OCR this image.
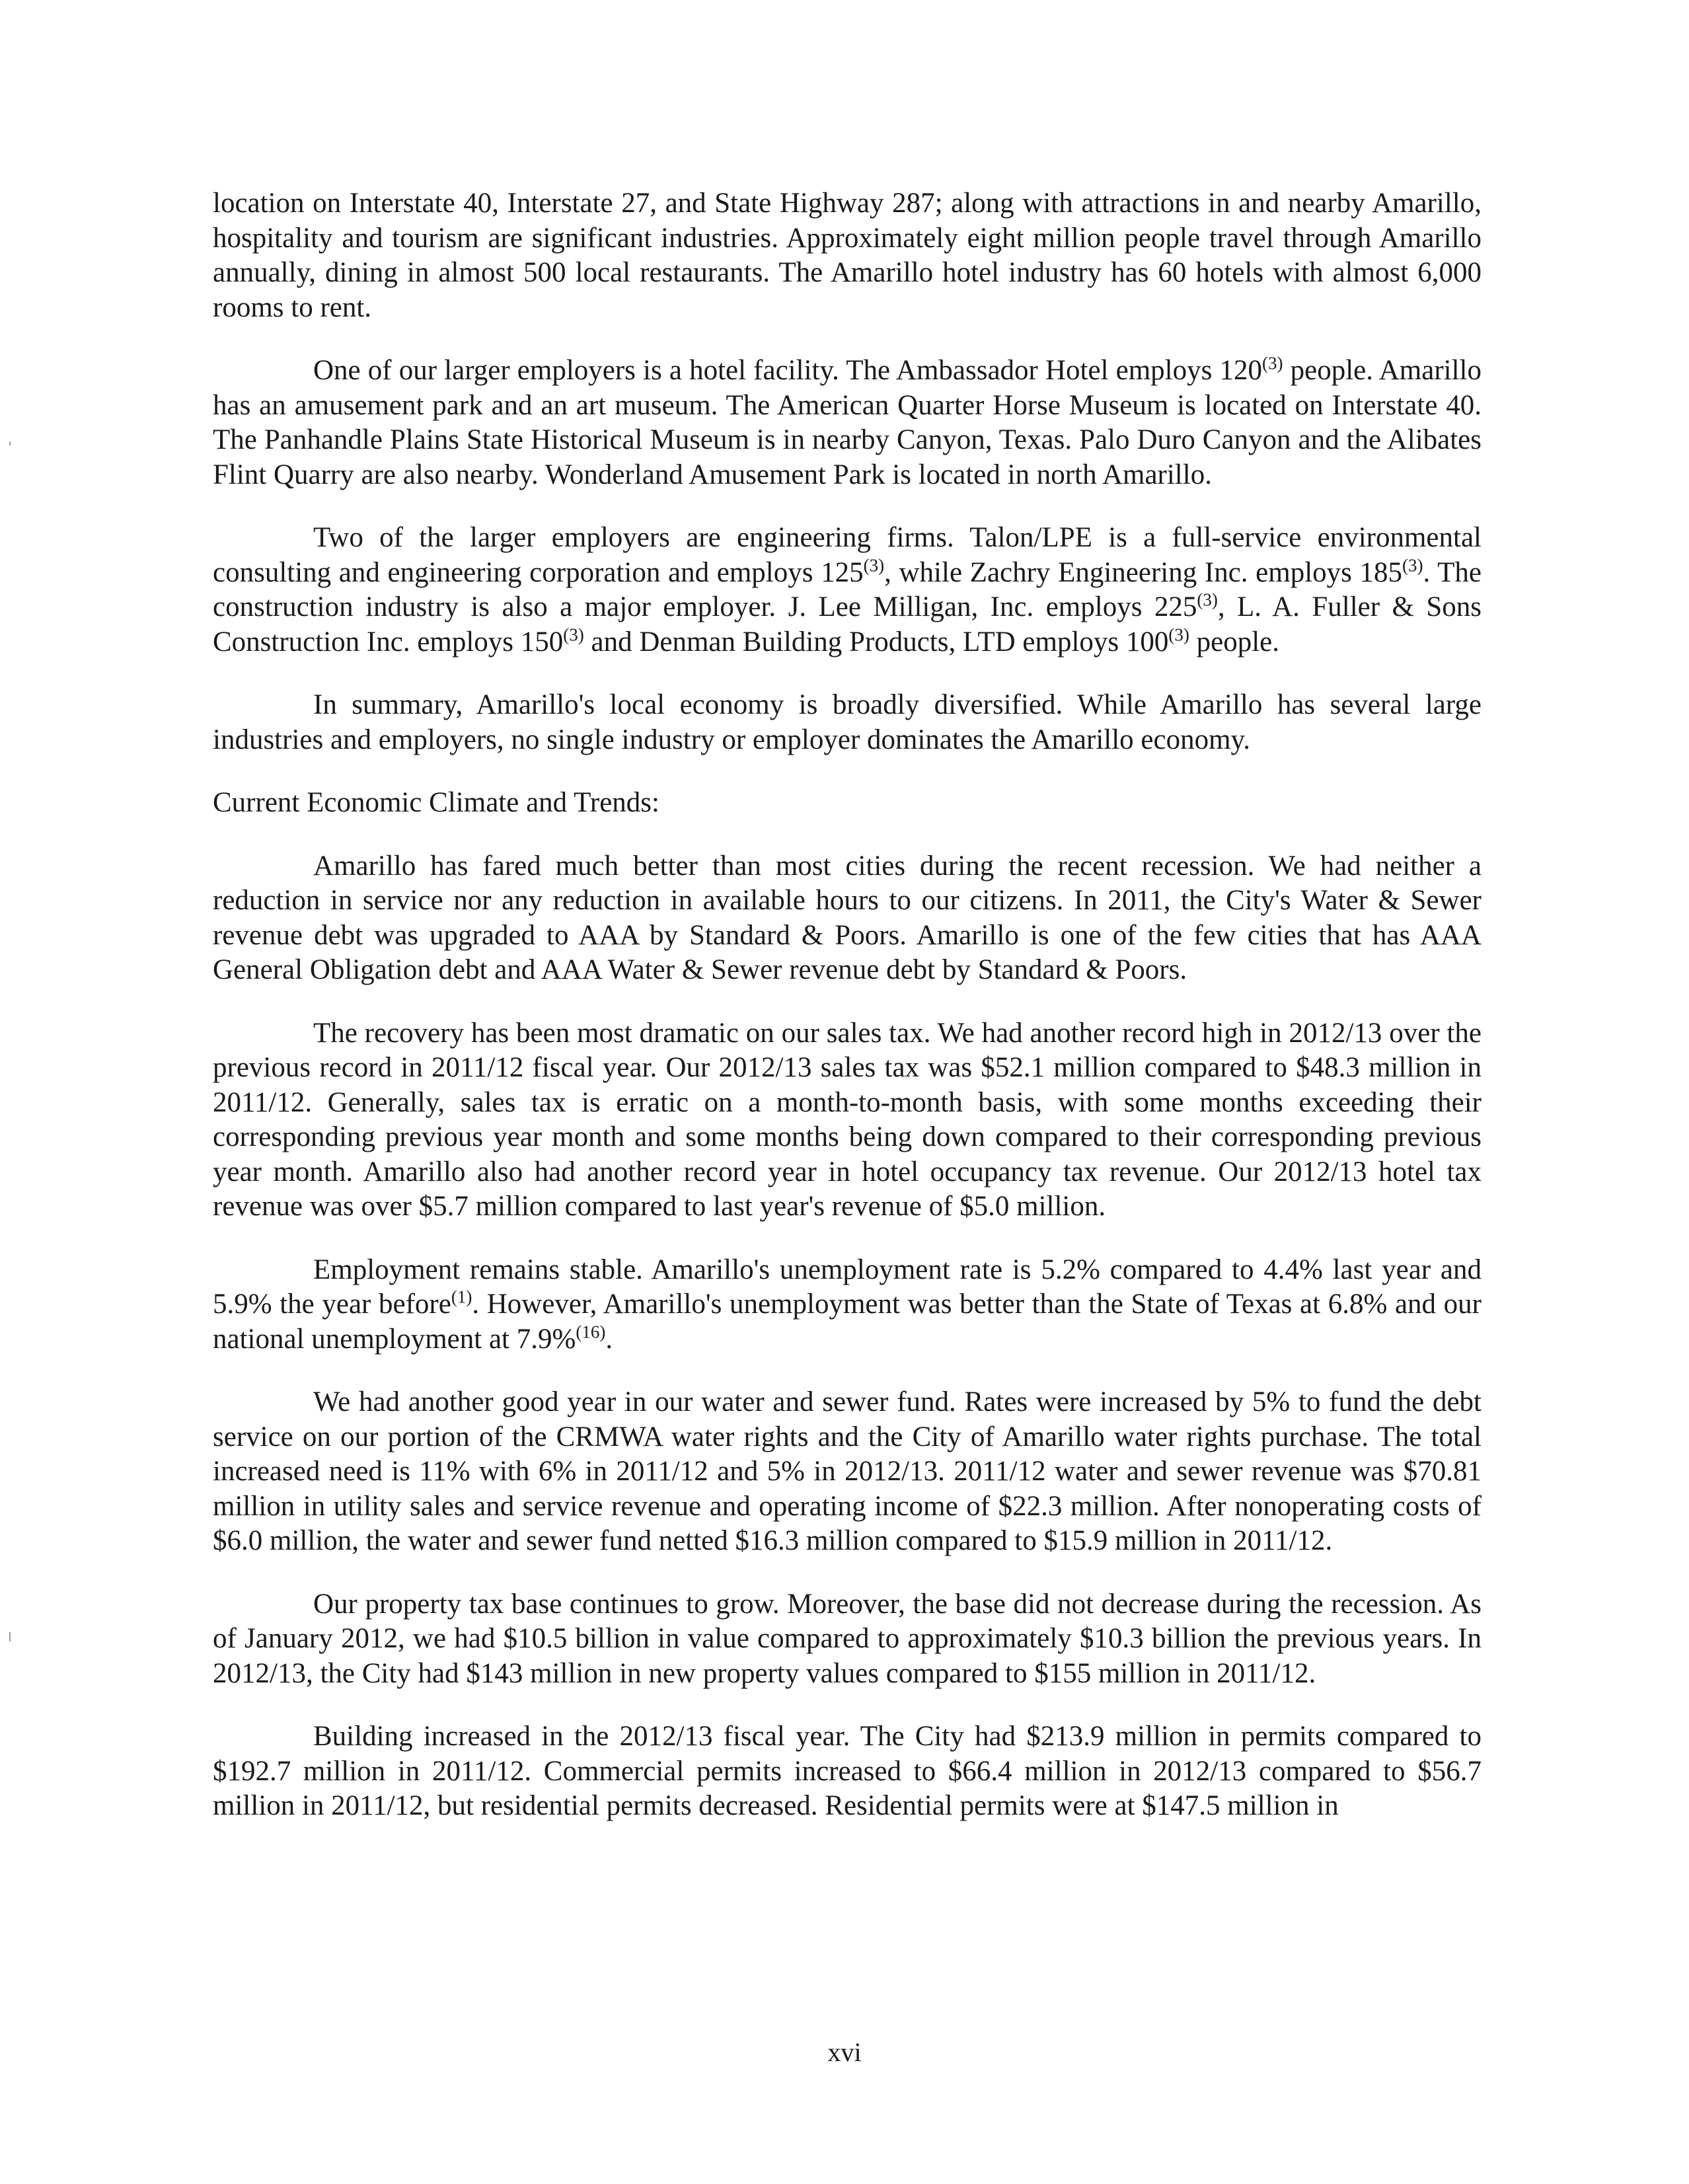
location on Interstate 40, Interstate 27, and State Highway 287; along with attractions in and nearby Amarillo, hospitality and tourism are significant industries. Approximately eight million people travel through Amarillo annually, dining in almost 500 local restaurants. The Amarillo hotel industry has 60 hotels with almost 6,000 rooms to rent.

One of our larger employers is a hotel facility. The Ambassador Hotel employs 120$^{(3)}$ people. Amarillo has an amusement park and an art museum. The American Quarter Horse Museum is located on Interstate 40. The Panhandle Plains State Historical Museum is in nearby Canyon, Texas. Palo Duro Canyon and the Alibates Flint Quarry are also nearby. Wonderland Amusement Park is located in north Amarillo.

Two of the larger employers are engineering firms. Talon/LPE is a full-service environmental consulting and engineering corporation and employs 125$^{(3)}$, while Zachry Engineering Inc. employs 185$^{(3)}$. The construction industry is also a major employer. J. Lee Milligan, Inc. employs 225$^{(3)}$, L. A. Fuller & Sons Construction Inc. employs 150$^{(3)}$ and Denman Building Products, LTD employs 100$^{(3)}$ people.

In summary, Amarillo's local economy is broadly diversified. While Amarillo has several large industries and employers, no single industry or employer dominates the Amarillo economy.

Current Economic Climate and Trends:

Amarillo has fared much better than most cities during the recent recession. We had neither a reduction in service nor any reduction in available hours to our citizens. In 2011, the City's Water & Sewer revenue debt was upgraded to AAA by Standard & Poors. Amarillo is one of the few cities that has AAA General Obligation debt and AAA Water & Sewer revenue debt by Standard & Poors.

The recovery has been most dramatic on our sales tax. We had another record high in 2012/13 over the previous record in 2011/12 fiscal year. Our 2012/13 sales tax was $52.1 million compared to $48.3 million in 2011/12. Generally, sales tax is erratic on a month-to-month basis, with some months exceeding their corresponding previous year month and some months being down compared to their corresponding previous year month. Amarillo also had another record year in hotel occupancy tax revenue. Our 2012/13 hotel tax revenue was over $5.7 million compared to last year's revenue of $5.0 million.

Employment remains stable. Amarillo's unemployment rate is 5.2% compared to 4.4% last year and 5.9% the year before$^{(1)}$. However, Amarillo's unemployment was better than the State of Texas at 6.8% and our national unemployment at 7.9%$^{(16)}$.

We had another good year in our water and sewer fund. Rates were increased by 5% to fund the debt service on our portion of the CRMWA water rights and the City of Amarillo water rights purchase. The total increased need is 11% with 6% in 2011/12 and 5% in 2012/13. 2011/12 water and sewer revenue was $70.81 million in utility sales and service revenue and operating income of $22.3 million. After nonoperating costs of $6.0 million, the water and sewer fund netted $16.3 million compared to $15.9 million in 2011/12.

Our property tax base continues to grow. Moreover, the base did not decrease during the recession. As of January 2012, we had $10.5 billion in value compared to approximately $10.3 billion the previous years. In 2012/13, the City had $143 million in new property values compared to $155 million in 2011/12.

Building increased in the 2012/13 fiscal year. The City had $213.9 million in permits compared to $192.7 million in 2011/12. Commercial permits increased to $66.4 million in 2012/13 compared to $56.7 million in 2011/12, but residential permits decreased. Residential permits were at $147.5 million in

xvi
